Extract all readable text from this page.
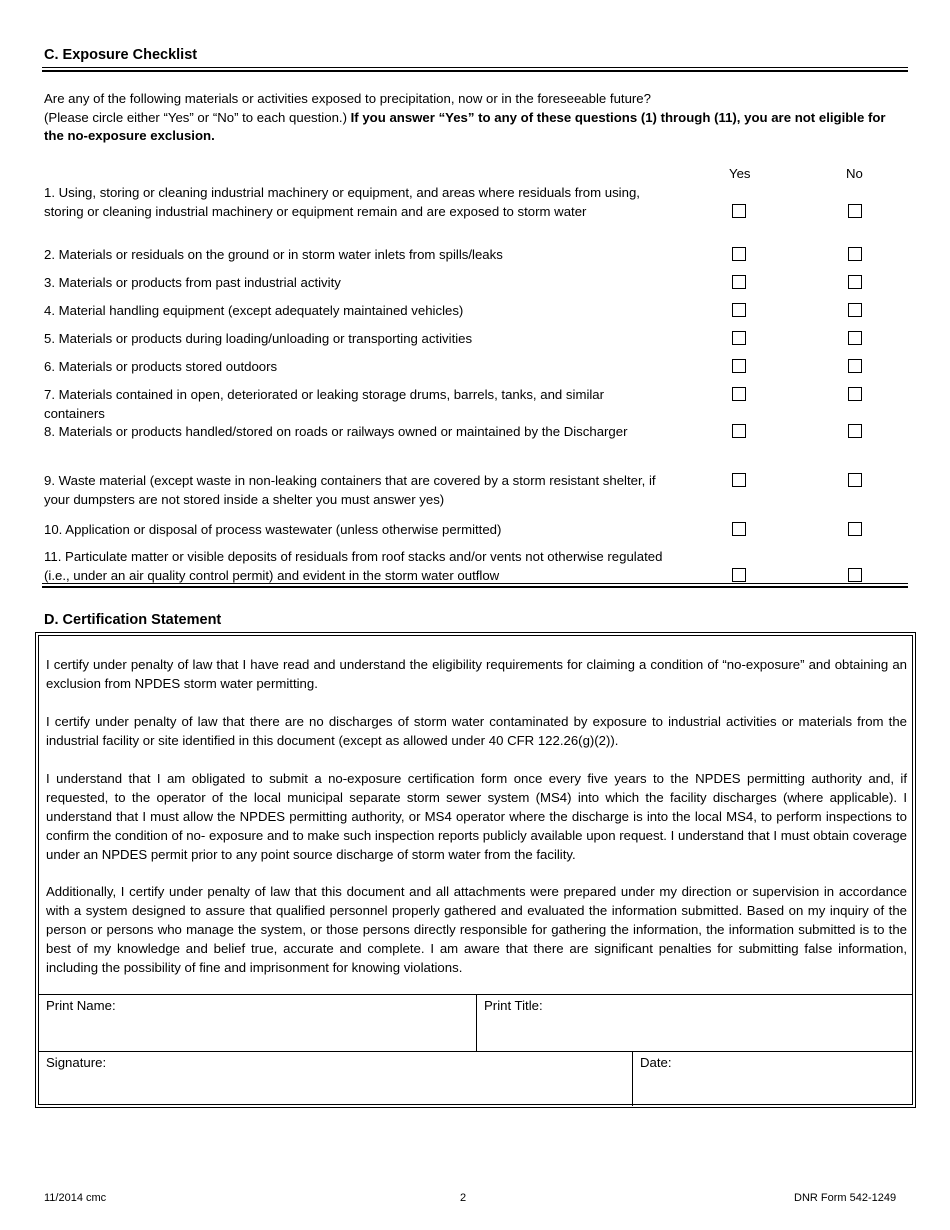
C. Exposure Checklist
Are any of the following materials or activities exposed to precipitation, now or in the foreseeable future?
(Please circle either “Yes” or “No” to each question.) If you answer “Yes” to any of these questions (1) through (11), you are not eligible for the no-exposure exclusion.
Yes	No
1. Using, storing or cleaning industrial machinery or equipment, and areas where residuals from using, storing or cleaning industrial machinery or equipment remain and are exposed to storm water
2. Materials or residuals on the ground or in storm water inlets from spills/leaks
3. Materials or products from past industrial activity
4. Material handling equipment (except adequately maintained vehicles)
5. Materials or products during loading/unloading or transporting activities
6. Materials or products stored outdoors
7. Materials contained in open, deteriorated or leaking storage drums, barrels, tanks, and similar containers
8. Materials or products handled/stored on roads or railways owned or maintained by the Discharger
9. Waste material (except waste in non-leaking containers that are covered by a storm resistant shelter, if your dumpsters are not stored inside a shelter you must answer yes)
10. Application or disposal of process wastewater (unless otherwise permitted)
11. Particulate matter or visible deposits of residuals from roof stacks and/or vents not otherwise regulated (i.e., under an air quality control permit) and evident in the storm water outflow
D. Certification Statement

I certify under penalty of law that I have read and understand the eligibility requirements for claiming a condition of “no-exposure” and obtaining an exclusion from NPDES storm water permitting.

I certify under penalty of law that there are no discharges of storm water contaminated by exposure to industrial activities or materials from the industrial facility or site identified in this document (except as allowed under 40 CFR 122.26(g)(2)).

I understand that I am obligated to submit a no-exposure certification form once every five years to the NPDES permitting authority and, if requested, to the operator of the local municipal separate storm sewer system (MS4) into which the facility discharges (where applicable). I understand that I must allow the NPDES permitting authority, or MS4 operator where the discharge is into the local MS4, to perform inspections to confirm the condition of no- exposure and to make such inspection reports publicly available upon request. I understand that I must obtain coverage under an NPDES permit prior to any point source discharge of storm water from the facility.

Additionally, I certify under penalty of law that this document and all attachments were prepared under my direction or supervision in accordance with a system designed to assure that qualified personnel properly gathered and evaluated the information submitted. Based on my inquiry of the person or persons who manage the system, or those persons directly responsible for gathering the information, the information submitted is to the best of my knowledge and belief true, accurate and complete. I am aware that there are significant penalties for submitting false information, including the possibility of fine and imprisonment for knowing violations.

Print Name:	Print Title:
Signature:	Date:
11/2014 cmc	2	DNR Form 542-1249
